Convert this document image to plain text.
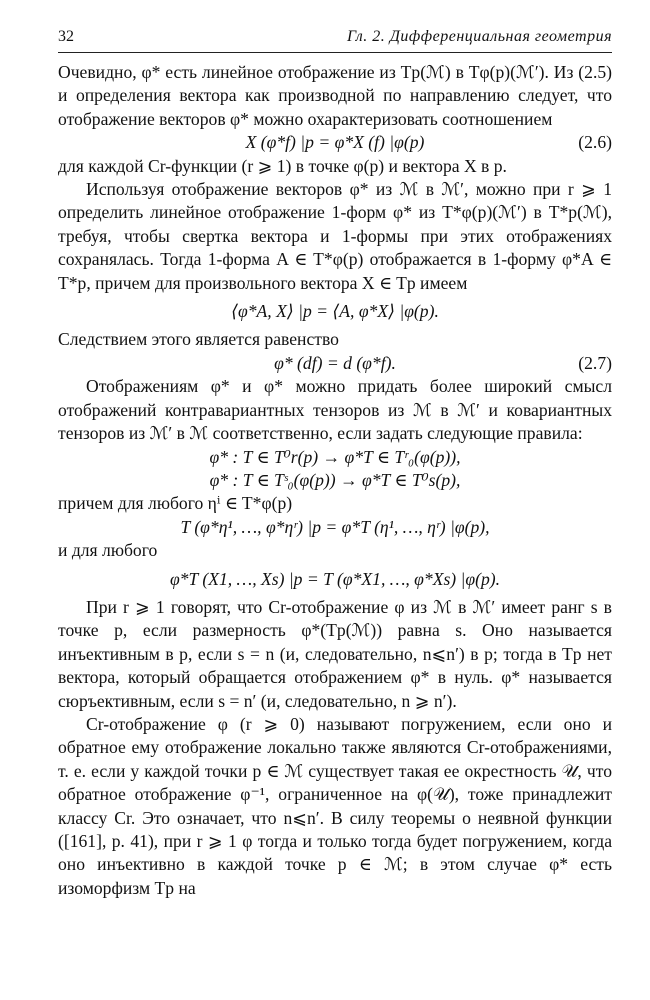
32	Гл. 2. Дифференциальная геометрия

Очевидно, φ* есть линейное отображение из Tp(ℳ) в Tφ(p)(ℳ′). Из (2.5) и определения вектора как производной по направлению следует, что отображение векторов φ* можно охарактеризовать соотношением

X (φ*f) |p = φ*X (f) |φ(p)	(2.6)

для каждой Cr-функции (r ⩾ 1) в точке φ(p) и вектора X в p.

Используя отображение векторов φ* из ℳ в ℳ′, можно при r ⩾ 1 определить линейное отображение 1-форм φ* из T*φ(p)(ℳ′) в T*p(ℳ), требуя, чтобы свертка вектора и 1-формы при этих отображениях сохранялась. Тогда 1-форма A ∈ T*φ(p) отображается в 1-форму φ*A ∈ T*p, причем для произвольного вектора X ∈ Tp имеем

⟨φ*A, X⟩ |p = ⟨A, φ*X⟩ |φ(p).

Следствием этого является равенство

φ* (df) = d (φ*f).	(2.7)

Отображениям φ* и φ* можно придать более широкий смысл отображений контравариантных тензоров из ℳ в ℳ′ и ковариантных тензоров из ℳ′ в ℳ соответственно, если задать следующие правила:

φ* : T ∈ T⁰r(p) → φ*T ∈ Tʳ₀(φ(p)),
φ* : T ∈ Tˢ₀(φ(p)) → φ*T ∈ T⁰s(p),

причем для любого ηⁱ ∈ T*φ(p)

T (φ*η¹, …, φ*ηʳ) |p = φ*T (η¹, …, ηʳ) |φ(p),

и для любого

φ*T (X1, …, Xs) |p = T (φ*X1, …, φ*Xs) |φ(p).

При r ⩾ 1 говорят, что Cr-отображение φ из ℳ в ℳ′ имеет ранг s в точке p, если размерность φ*(Tp(ℳ)) равна s. Оно называется инъективным в p, если s = n (и, следовательно, n⩽n′) в p; тогда в Tp нет вектора, который обращается отображением φ* в нуль. φ* называется сюръективным, если s = n′ (и, следовательно, n ⩾ n′).

Cr-отображение φ (r ⩾ 0) называют погружением, если оно и обратное ему отображение локально также являются Cr-отображениями, т. е. если у каждой точки p ∈ ℳ существует такая ее окрестность 𝒰, что обратное отображение φ⁻¹, ограниченное на φ(𝒰), тоже принадлежит классу Cr. Это означает, что n⩽n′. В силу теоремы о неявной функции ([161], р. 41), при r ⩾ 1 φ тогда и только тогда будет погружением, когда оно инъективно в каждой точке p ∈ ℳ; в этом случае φ* есть изоморфизм Tp на
